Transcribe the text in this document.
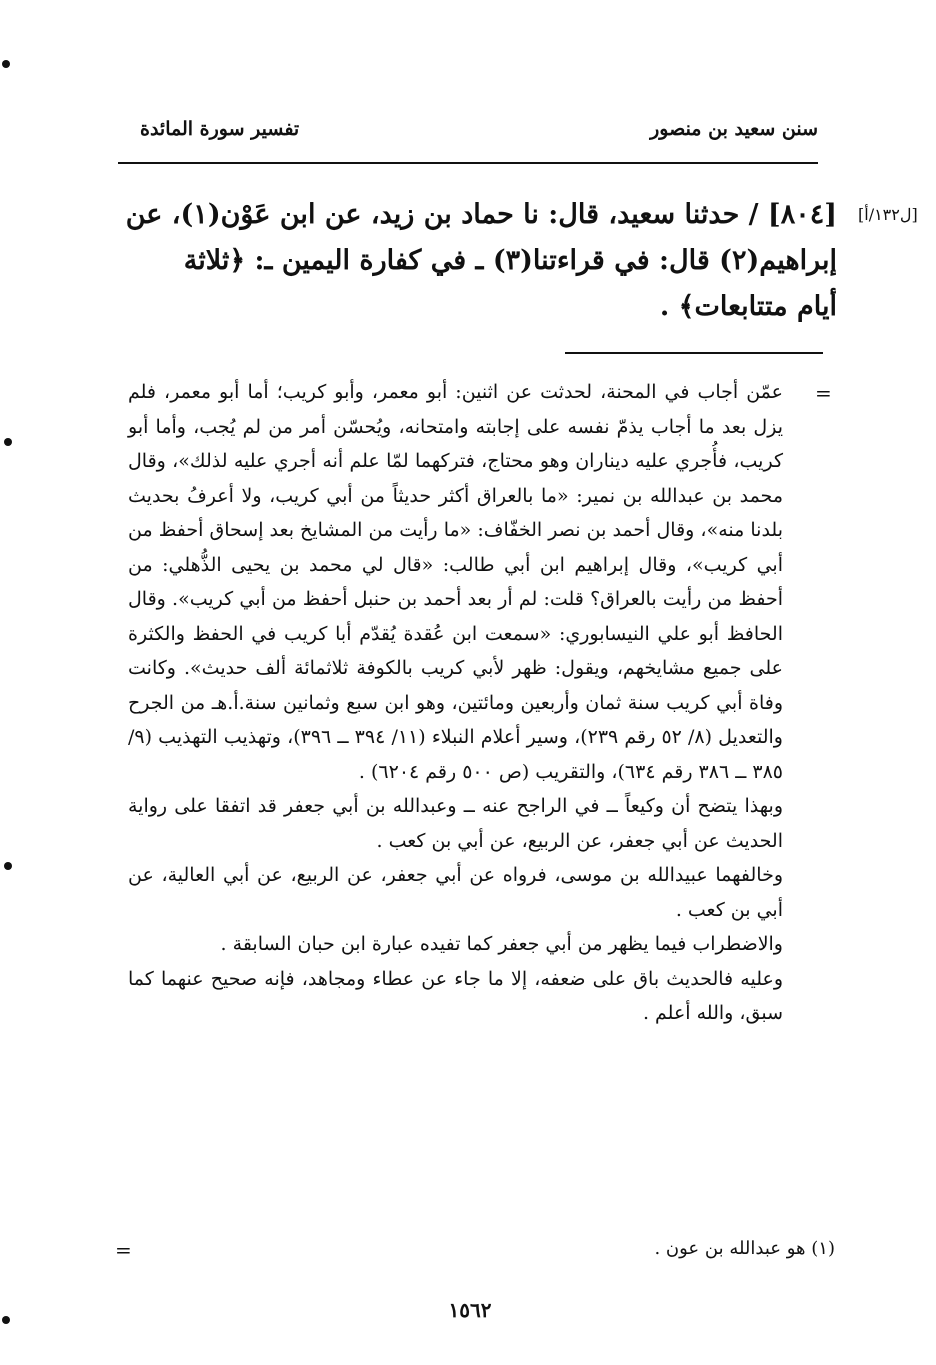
سنن سعيد بن منصور
تفسير سورة المائدة
[ل١٣٢/أ]

[٨٠٤] / حدثنا سعيد، قال: نا حماد بن زيد، عن ابن عَوْن(١)، عن

إبراهيم(٢) قال: في قراءتنا(٣) ـ في كفارة اليمين ـ: ﴿ثلاثة

أيام متتابعات﴾ .

=

عمّن أجاب في المحنة، لحدثت عن اثنين: أبو معمر، وأبو كريب؛ أما أبو معمر، فلم يزل بعد ما أجاب يذمّ نفسه على إجابته وامتحانه، ويُحسّن أمر من لم يُجب، وأما أبو كريب، فأُجري عليه ديناران وهو محتاج، فتركهما لمّا علم أنه أجري عليه لذلك»، وقال محمد بن عبدالله بن نمير: «ما بالعراق أكثر حديثاً من أبي كريب، ولا أعرفُ بحديث بلدنا منه»، وقال أحمد بن نصر الخفّاف: «ما رأيت من المشايخ بعد إسحاق أحفظ من أبي كريب»، وقال إبراهيم ابن أبي طالب: «قال لي محمد بن يحيى الذُّهلي: من أحفظ من رأيت بالعراق؟ قلت: لم أر بعد أحمد بن حنبل أحفظ من أبي كريب». وقال الحافظ أبو علي النيسابوري: «سمعت ابن عُقدة يُقدّم أبا كريب في الحفظ والكثرة على جميع مشايخهم، ويقول: ظهر لأبي كريب بالكوفة ثلاثمائة ألف حديث». وكانت وفاة أبي كريب سنة ثمان وأربعين ومائتين، وهو ابن سبع وثمانين سنة.أ.هـ من الجرح والتعديل (٨/ ٥٢ رقم ٢٣٩)، وسير أعلام النبلاء (١١/ ٣٩٤ ــ ٣٩٦)، وتهذيب التهذيب (٩/ ٣٨٥ ــ ٣٨٦ رقم ٦٣٤)، والتقريب (ص ٥٠٠ رقم ٦٢٠٤) .

وبهذا يتضح أن وكيعاً ــ في الراجح عنه ــ وعبدالله بن أبي جعفر قد اتفقا على رواية الحديث عن أبي جعفر، عن الربيع، عن أبي بن كعب .

وخالفهما عبيدالله بن موسى، فرواه عن أبي جعفر، عن الربيع، عن أبي العالية، عن أبي بن كعب .

والاضطراب فيما يظهر من أبي جعفر كما تفيده عبارة ابن حبان السابقة .

وعليه فالحديث باق على ضعفه، إلا ما جاء عن عطاء ومجاهد، فإنه صحيح عنهما كما سبق، والله أعلم .

(١) هو عبدالله بن عون .
=
١٥٦٢
